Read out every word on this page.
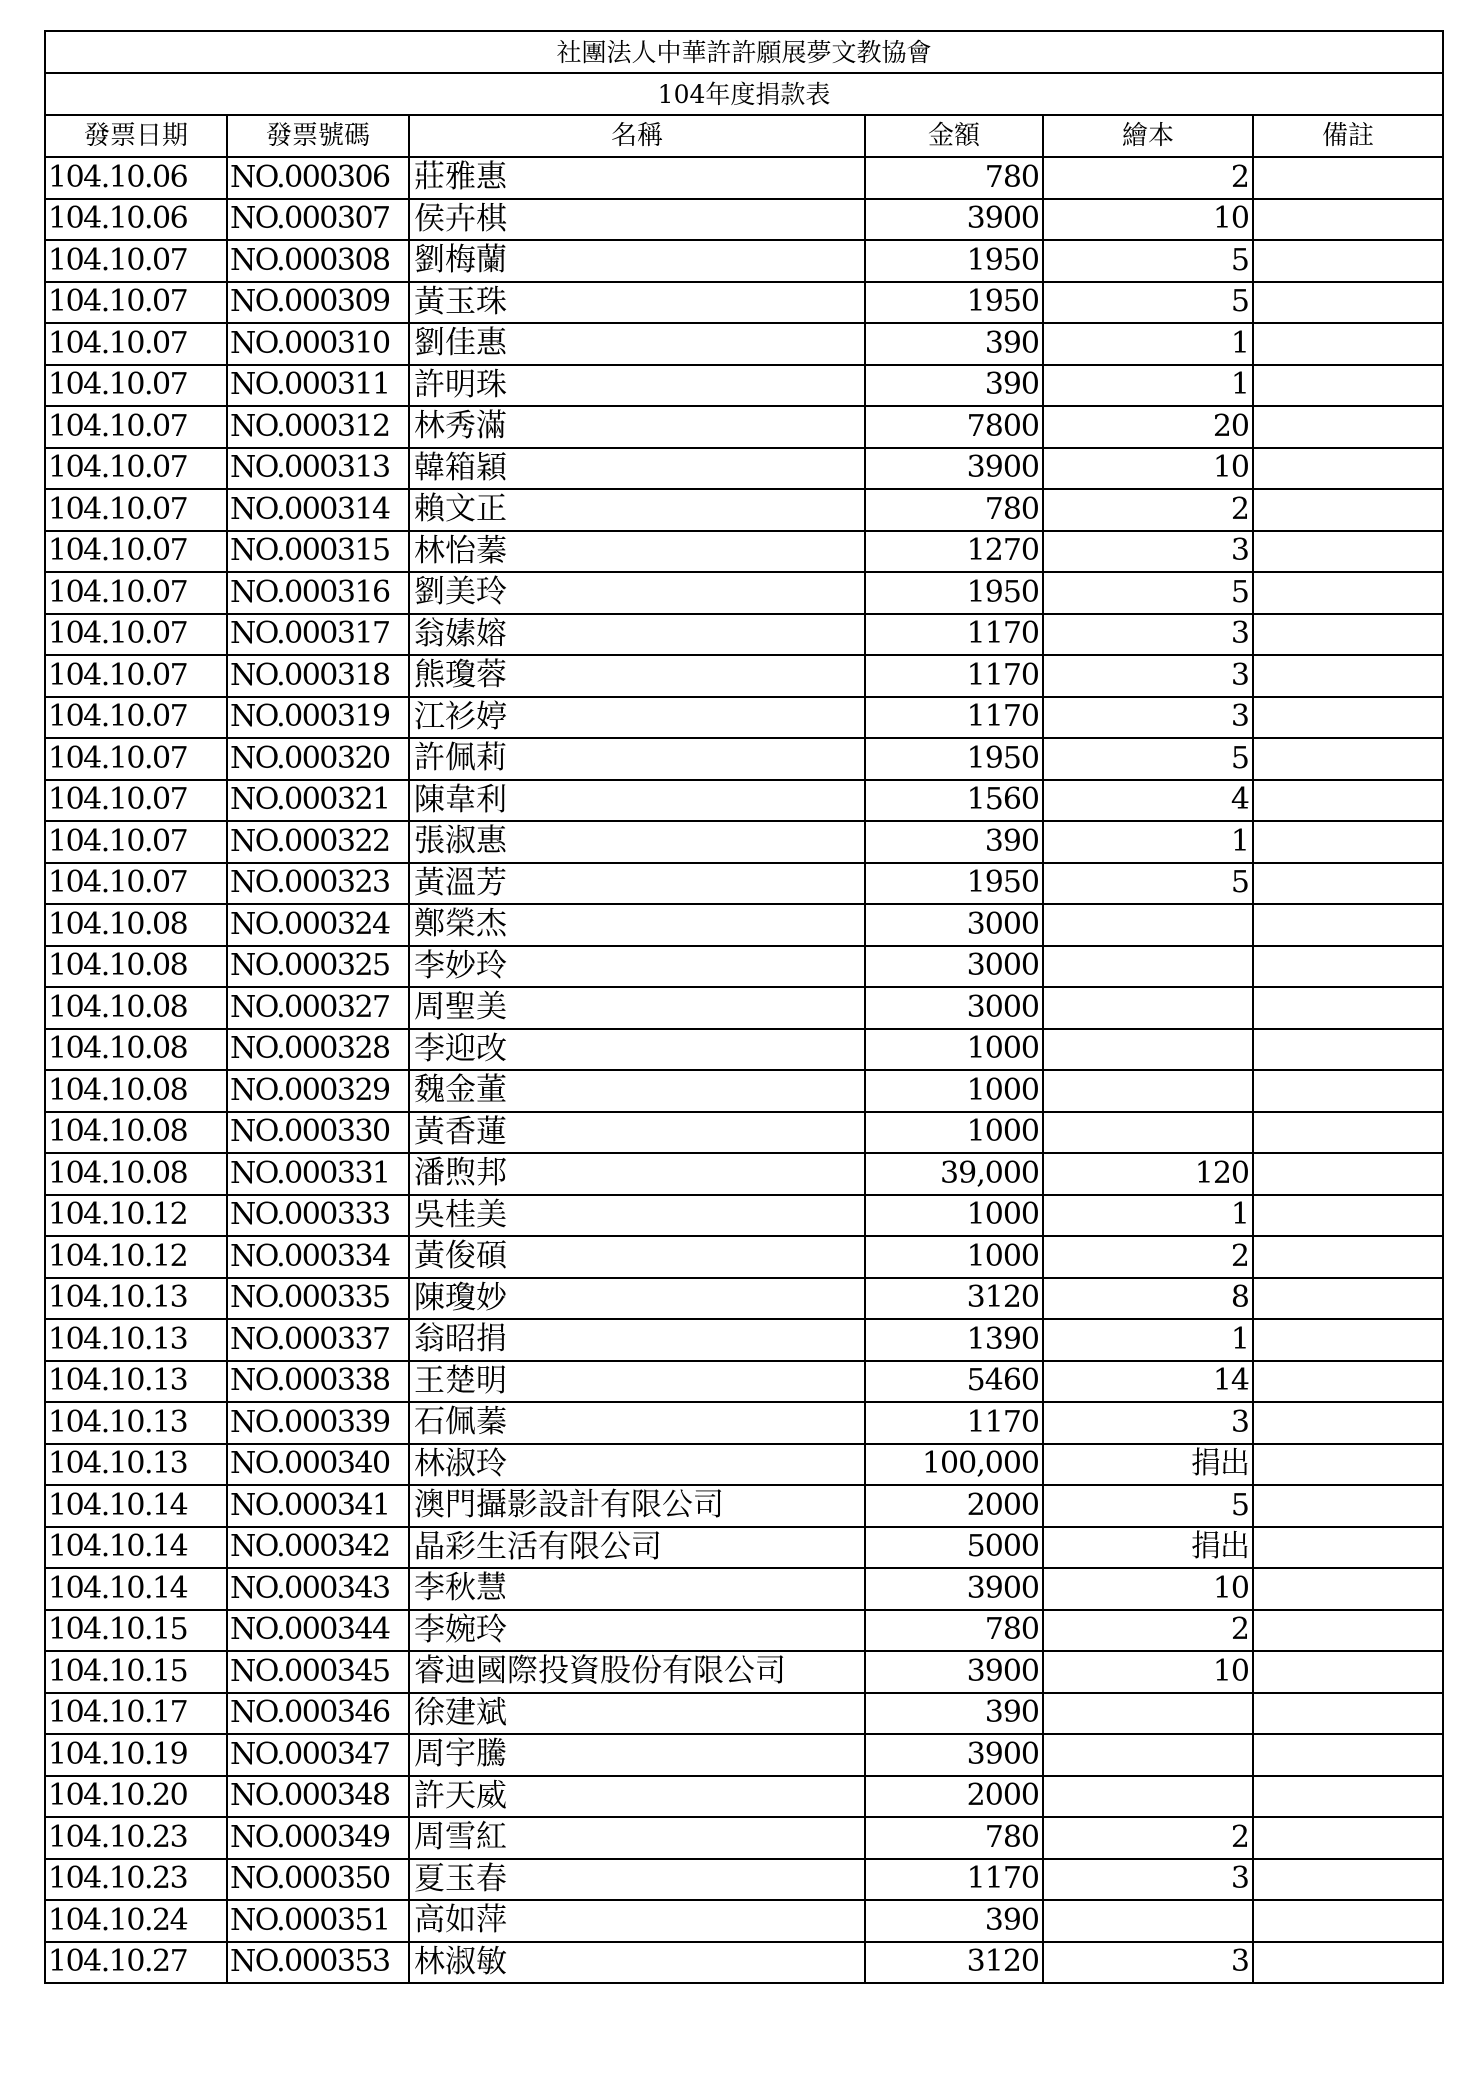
社團法人中華許許願展夢文教協會					
104年度捐款表					
發票日期	發票號碼	名稱	金額	繪本	備註
104.10.06	NO.000306	莊雅惠	780	2	
104.10.06	NO.000307	侯卉棋	3900	10	
104.10.07	NO.000308	劉梅蘭	1950	5	
104.10.07	NO.000309	黃玉珠	1950	5	
104.10.07	NO.000310	劉佳惠	390	1	
104.10.07	NO.000311	許明珠	390	1	
104.10.07	NO.000312	林秀滿	7800	20	
104.10.07	NO.000313	韓箱穎	3900	10	
104.10.07	NO.000314	賴文正	780	2	
104.10.07	NO.000315	林怡蓁	1270	3	
104.10.07	NO.000316	劉美玲	1950	5	
104.10.07	NO.000317	翁嫊嫆	1170	3	
104.10.07	NO.000318	熊瓊蓉	1170	3	
104.10.07	NO.000319	江衫婷	1170	3	
104.10.07	NO.000320	許佩莉	1950	5	
104.10.07	NO.000321	陳韋利	1560	4	
104.10.07	NO.000322	張淑惠	390	1	
104.10.07	NO.000323	黃溫芳	1950	5	
104.10.08	NO.000324	鄭榮杰	3000		
104.10.08	NO.000325	李妙玲	3000		
104.10.08	NO.000327	周聖美	3000		
104.10.08	NO.000328	李迎改	1000		
104.10.08	NO.000329	魏金董	1000		
104.10.08	NO.000330	黃香蓮	1000		
104.10.08	NO.000331	潘煦邦	39,000	120	
104.10.12	NO.000333	吳桂美	1000	1	
104.10.12	NO.000334	黃俊碩	1000	2	
104.10.13	NO.000335	陳瓊妙	3120	8	
104.10.13	NO.000337	翁昭捐	1390	1	
104.10.13	NO.000338	王楚明	5460	14	
104.10.13	NO.000339	石佩蓁	1170	3	
104.10.13	NO.000340	林淑玲	100,000	捐出	
104.10.14	NO.000341	澳門攝影設計有限公司	2000	5	
104.10.14	NO.000342	晶彩生活有限公司	5000	捐出	
104.10.14	NO.000343	李秋慧	3900	10	
104.10.15	NO.000344	李婉玲	780	2	
104.10.15	NO.000345	睿迪國際投資股份有限公司	3900	10	
104.10.17	NO.000346	徐建斌	390		
104.10.19	NO.000347	周宇騰	3900		
104.10.20	NO.000348	許天威	2000		
104.10.23	NO.000349	周雪紅	780	2	
104.10.23	NO.000350	夏玉春	1170	3	
104.10.24	NO.000351	高如萍	390		
104.10.27	NO.000353	林淑敏	3120	3	
